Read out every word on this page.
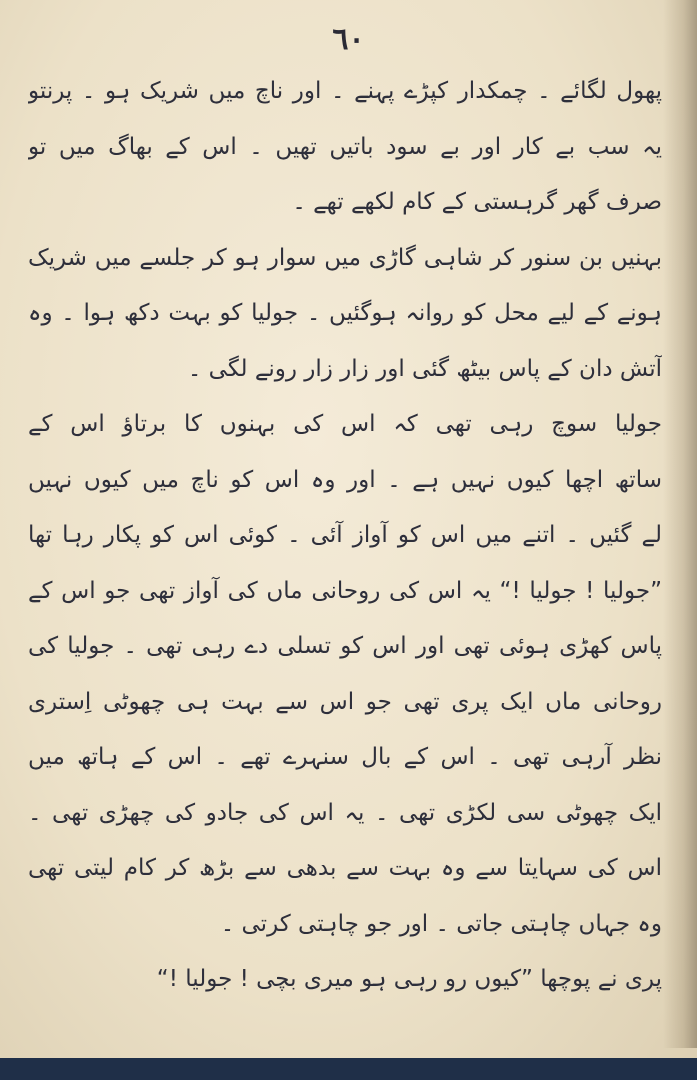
٦٠
پھول لگائے ۔ چمکدار کپڑے پہنے ۔ اور ناچ میں شریک ہو ۔ پرنتو
یہ سب بے کار اور بے سود باتیں تھیں ۔ اس کے بھاگ میں تو
صرف گھر گرہستی کے کام لکھے تھے ۔
بہنیں بن سنور کر شاہی گاڑی میں سوار ہو کر جلسے میں شریک
ہونے کے لیے محل کو روانہ ہوگئیں ۔ جولیا کو بہت دکھ ہوا ۔ وہ
آتش دان کے پاس بیٹھ گئی اور زار زار رونے لگی ۔
جولیا سوچ رہی تھی کہ اس کی بہنوں کا برتاؤ اس کے
ساتھ اچھا کیوں نہیں ہے ۔ اور وہ اس کو ناچ میں کیوں نہیں
لے گئیں ۔ اتنے میں اس کو آواز آئی ۔ کوئی اس کو پکار رہا تھا
”جولیا ! جولیا !“ یہ اس کی روحانی ماں کی آواز تھی جو اس کے
پاس کھڑی ہوئی تھی اور اس کو تسلی دے رہی تھی ۔ جولیا کی
روحانی ماں ایک پری تھی جو اس سے بہت ہی چھوٹی اِستری
نظر آرہی تھی ۔ اس کے بال سنہرے تھے ۔ اس کے ہاتھ میں
ایک چھوٹی سی لکڑی تھی ۔ یہ اس کی جادو کی چھڑی تھی ۔
اس کی سہایتا سے وہ بہت سے بدھی سے بڑھ کر کام لیتی تھی
وہ جہاں چاہتی جاتی ۔ اور جو چاہتی کرتی ۔
پری نے پوچھا ”کیوں رو رہی ہو میری بچی ! جولیا !“
